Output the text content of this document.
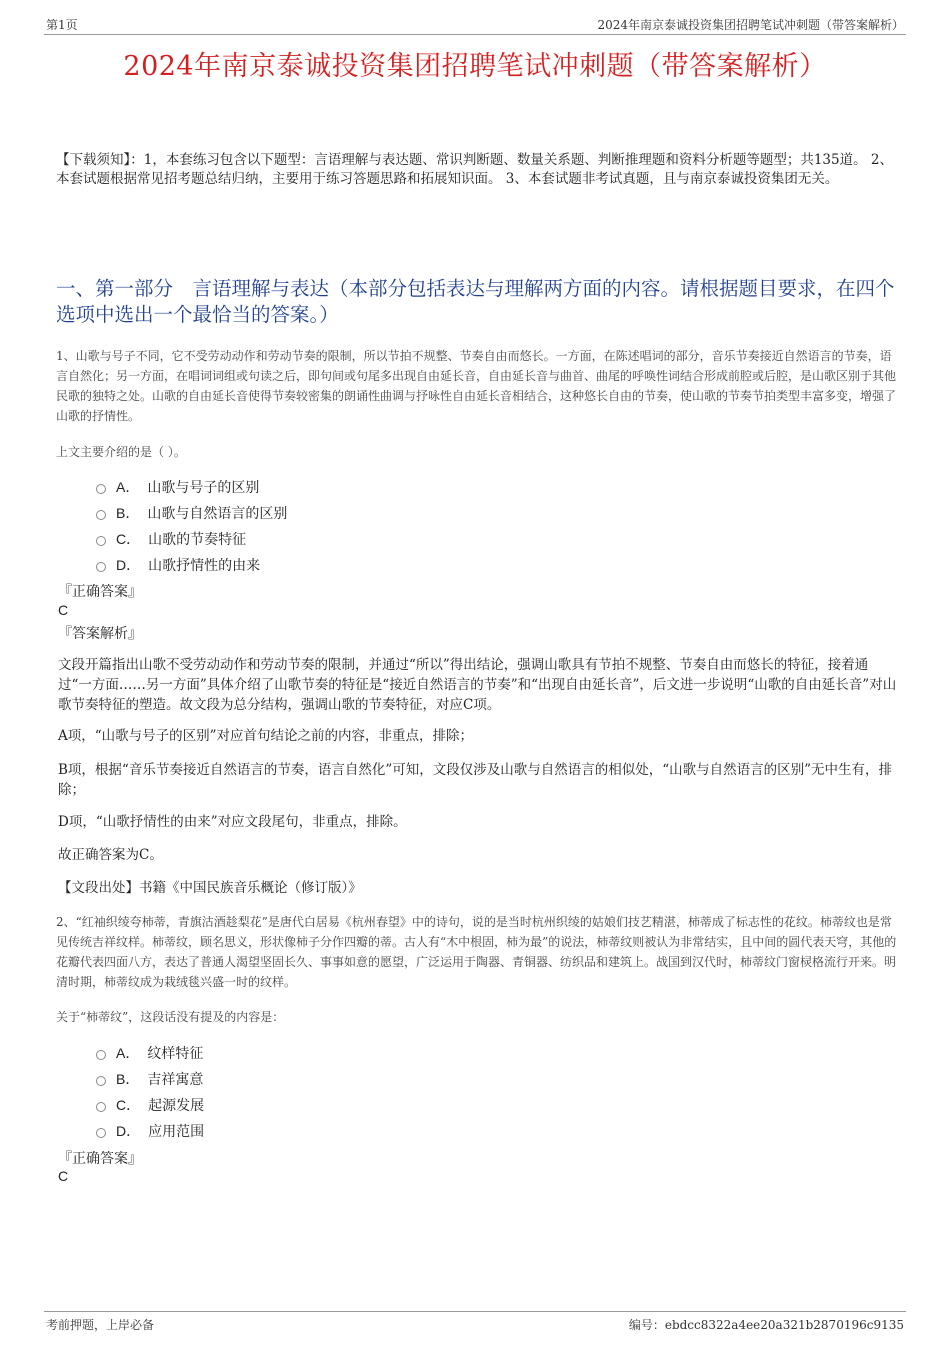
第1页	2024年南京泰诚投资集团招聘笔试冲刺题（带答案解析）
2024年南京泰诚投资集团招聘笔试冲刺题（带答案解析）
【下载须知】：1，本套练习包含以下题型：言语理解与表达题、常识判断题、数量关系题、判断推理题和资料分析题等题型；共135道。 2、本套试题根据常见招考题总结归纳，主要用于练习答题思路和拓展知识面。 3、本套试题非考试真题，且与南京泰诚投资集团无关。
一、第一部分　言语理解与表达（本部分包括表达与理解两方面的内容。请根据题目要求，在四个选项中选出一个最恰当的答案。）
1、山歌与号子不同，它不受劳动动作和劳动节奏的限制，所以节拍不规整、节奏自由而悠长。一方面，在陈述唱词的部分，音乐节奏接近自然语言的节奏，语言自然化；另一方面，在唱词词组或句读之后，即句间或句尾多出现自由延长音，自由延长音与曲首、曲尾的呼唤性词结合形成前腔或后腔，是山歌区别于其他民歌的独特之处。山歌的自由延长音使得节奏较密集的朗诵性曲调与抒咏性自由延长音相结合，这种悠长自由的节奏，使山歌的节奏节拍类型丰富多变，增强了山歌的抒情性。
上文主要介绍的是（ ）。
A． 山歌与号子的区别
B． 山歌与自然语言的区别
C． 山歌的节奏特征
D． 山歌抒情性的由来
『正确答案』
C
『答案解析』
文段开篇指出山歌不受劳动动作和劳动节奏的限制，并通过“所以”得出结论，强调山歌具有节拍不规整、节奏自由而悠长的特征，接着通过“一方面……另一方面”具体介绍了山歌节奏的特征是“接近自然语言的节奏”和“出现自由延长音”，后文进一步说明“山歌的自由延长音”对山歌节奏特征的塑造。故文段为总分结构，强调山歌的节奏特征，对应C项。
A项，“山歌与号子的区别”对应首句结论之前的内容，非重点，排除；
B项，根据“音乐节奏接近自然语言的节奏，语言自然化”可知，文段仅涉及山歌与自然语言的相似处，“山歌与自然语言的区别”无中生有，排除；
D项，“山歌抒情性的由来”对应文段尾句，非重点，排除。
故正确答案为C。
【文段出处】书籍《中国民族音乐概论（修订版）》
2、“红袖织绫夸柿蒂，青旗沽酒趁梨花”是唐代白居易《杭州春望》中的诗句，说的是当时杭州织绫的姑娘们技艺精湛，柿蒂成了标志性的花纹。柿蒂纹也是常见传统吉祥纹样。柿蒂纹，顾名思义，形状像柿子分作四瓣的蒂。古人有“木中根固，柿为最”的说法，柿蒂纹则被认为非常结实，且中间的圆代表天穹，其他的花瓣代表四面八方，表达了普通人渴望坚固长久、事事如意的愿望，广泛运用于陶器、青铜器、纺织品和建筑上。战国到汉代时，柿蒂纹门窗棂格流行开来。明清时期，柿蒂纹成为栽绒毯兴盛一时的纹样。
关于“柿蒂纹”，这段话没有提及的内容是：
A． 纹样特征
B． 吉祥寓意
C． 起源发展
D． 应用范围
『正确答案』
C
考前押题，上岸必备	编号：ebdcc8322a4ee20a321b2870196c9135
